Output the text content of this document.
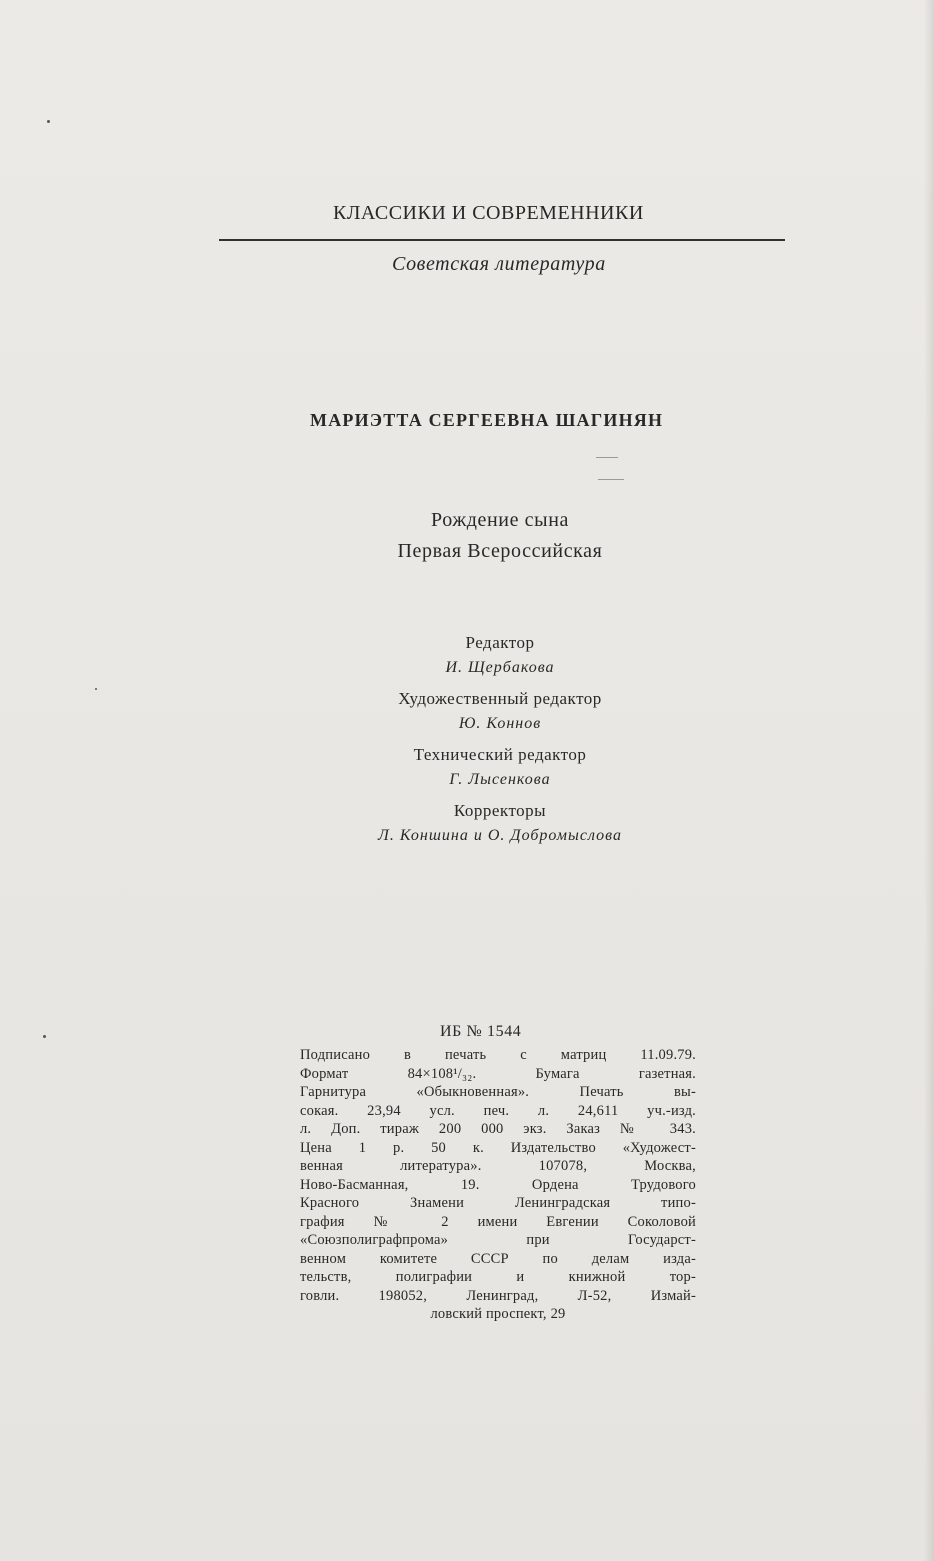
КЛАССИКИ И СОВРЕМЕННИКИ
Советская литература
МАРИЭТТА СЕРГЕЕВНА ШАГИНЯН
Рождение сына
Первая Всероссийская
Редактор
И. Щербакова
Художественный редактор
Ю. Коннов
Технический редактор
Г. Лысенкова
Корректоры
Л. Коншина и О. Добромыслова
ИБ № 1544
Подписано в печать с матриц 11.09.79.
Формат 84×108¹/₃₂. Бумага газетная.
Гарнитура «Обыкновенная». Печать вы-
сокая. 23,94 усл. печ. л. 24,611 уч.-изд.
л. Доп. тираж 200 000 экз. Заказ № 343.
Цена 1 р. 50 к. Издательство «Художест-
венная литература». 107078, Москва,
Ново-Басманная, 19. Ордена Трудового
Красного Знамени Ленинградская типо-
графия № 2 имени Евгении Соколовой
«Союзполиграфпрома» при Государст-
венном комитете СССР по делам изда-
тельств, полиграфии и книжной тор-
говли. 198052, Ленинград, Л-52, Измай-
ловский проспект, 29
